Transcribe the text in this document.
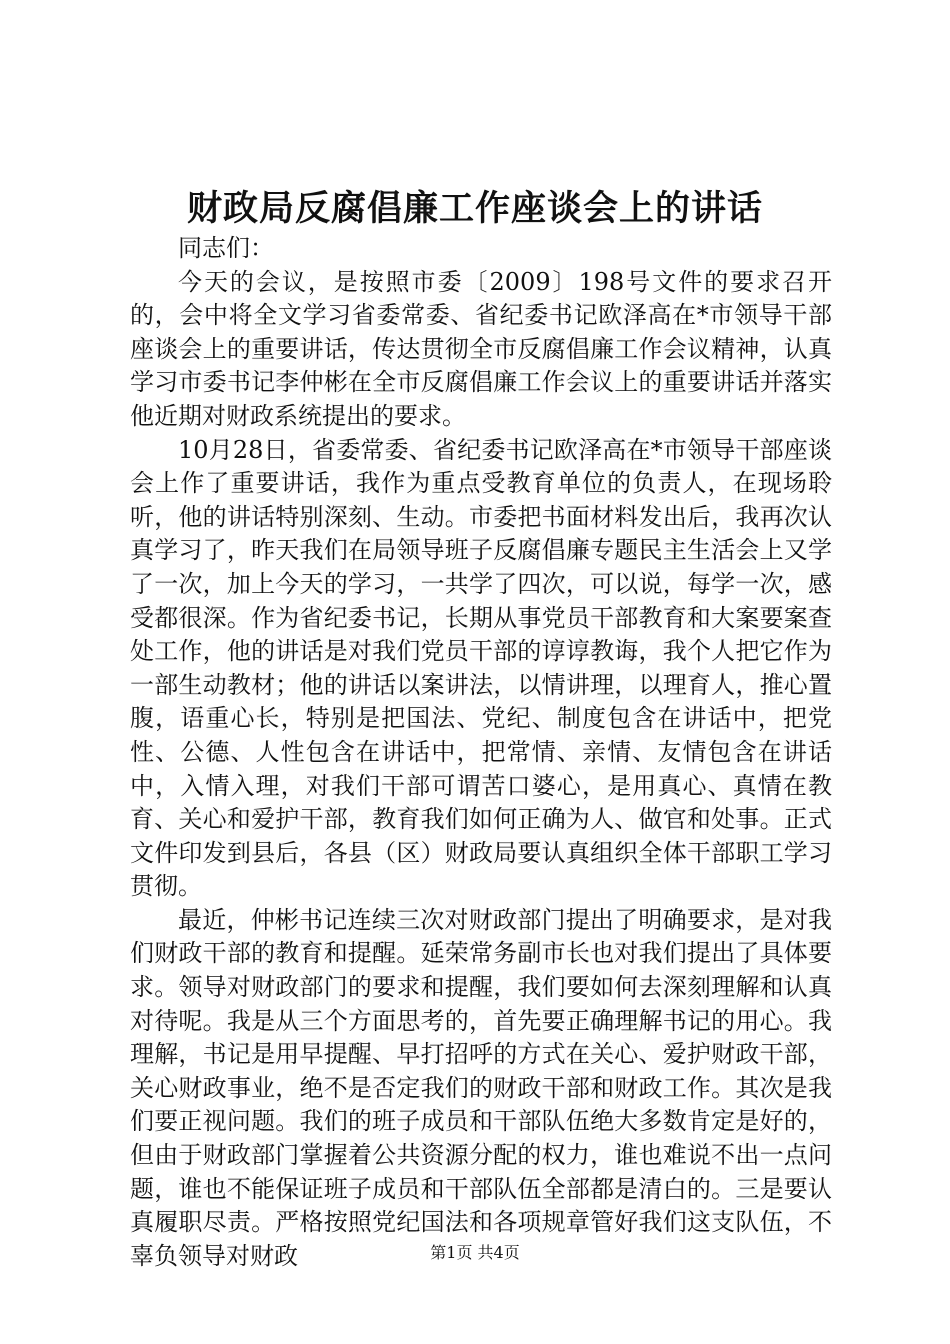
财政局反腐倡廉工作座谈会上的讲话

同志们：

今天的会议，是按照市委〔2009〕198号文件的要求召开的，会中将全文学习省委常委、省纪委书记欧泽高在*市领导干部座谈会上的重要讲话，传达贯彻全市反腐倡廉工作会议精神，认真学习市委书记李仲彬在全市反腐倡廉工作会议上的重要讲话并落实他近期对财政系统提出的要求。

10月28日，省委常委、省纪委书记欧泽高在*市领导干部座谈会上作了重要讲话，我作为重点受教育单位的负责人，在现场聆听，他的讲话特别深刻、生动。市委把书面材料发出后，我再次认真学习了，昨天我们在局领导班子反腐倡廉专题民主生活会上又学了一次，加上今天的学习，一共学了四次，可以说，每学一次，感受都很深。作为省纪委书记，长期从事党员干部教育和大案要案查处工作，他的讲话是对我们党员干部的谆谆教诲，我个人把它作为一部生动教材；他的讲话以案讲法，以情讲理，以理育人，推心置腹，语重心长，特别是把国法、党纪、制度包含在讲话中，把党性、公德、人性包含在讲话中，把常情、亲情、友情包含在讲话中，入情入理，对我们干部可谓苦口婆心，是用真心、真情在教育、关心和爱护干部，教育我们如何正确为人、做官和处事。正式文件印发到县后，各县（区）财政局要认真组织全体干部职工学习贯彻。

最近，仲彬书记连续三次对财政部门提出了明确要求，是对我们财政干部的教育和提醒。延荣常务副市长也对我们提出了具体要求。领导对财政部门的要求和提醒，我们要如何去深刻理解和认真对待呢。我是从三个方面思考的，首先要正确理解书记的用心。我理解，书记是用早提醒、早打招呼的方式在关心、爱护财政干部，关心财政事业，绝不是否定我们的财政干部和财政工作。其次是我们要正视问题。我们的班子成员和干部队伍绝大多数肯定是好的，但由于财政部门掌握着公共资源分配的权力，谁也难说不出一点问题，谁也不能保证班子成员和干部队伍全部都是清白的。三是要认真履职尽责。严格按照党纪国法和各项规章管好我们这支队伍，不辜负领导对财政	第1页 共4页
